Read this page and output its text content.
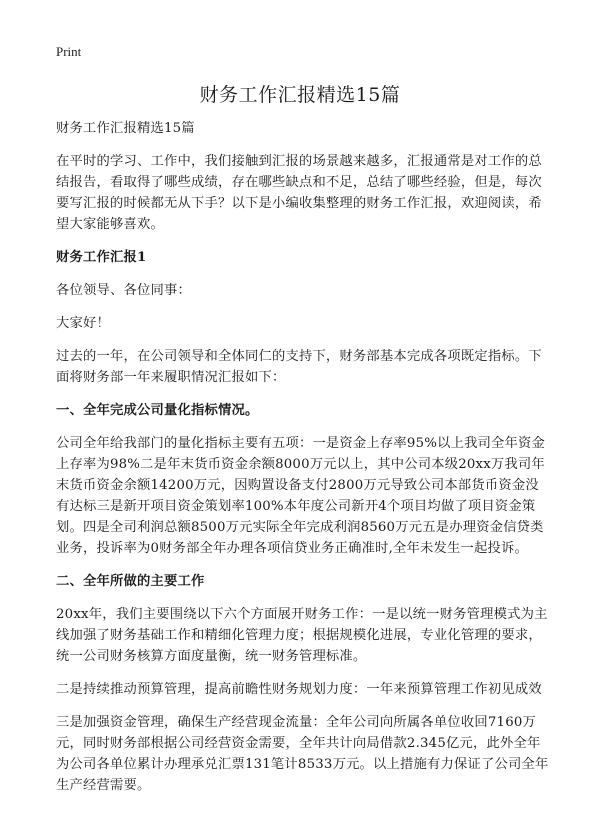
Print
财务工作汇报精选15篇

财务工作汇报精选15篇

在平时的学习、工作中，我们接触到汇报的场景越来越多，汇报通常是对工作的总结报告，看取得了哪些成绩，存在哪些缺点和不足，总结了哪些经验，但是，每次要写汇报的时候都无从下手？以下是小编收集整理的财务工作汇报，欢迎阅读，希望大家能够喜欢。

财务工作汇报1

各位领导、各位同事：

大家好！

过去的一年，在公司领导和全体同仁的支持下，财务部基本完成各项既定指标。下面将财务部一年来履职情况汇报如下：

一、全年完成公司量化指标情况。

公司全年给我部门的量化指标主要有五项：一是资金上存率95%以上我司全年资金上存率为98%二是年末货币资金余额8000万元以上，其中公司本级20xx万我司年末货币资金余额14200万元，因购置设备支付2800万元导致公司本部货币资金没有达标三是新开项目资金策划率100%本年度公司新开4个项目均做了项目资金策划。四是全司利润总额8500万元实际全年完成利润8560万元五是办理资金信贷类业务，投诉率为0财务部全年办理各项信贷业务正确准时,全年未发生一起投诉。

二、全年所做的主要工作

20xx年，我们主要围绕以下六个方面展开财务工作：一是以统一财务管理模式为主线加强了财务基础工作和精细化管理力度；根据规模化进展，专业化管理的要求，统一公司财务核算方面度量衡，统一财务管理标准。

二是持续推动预算管理，提高前瞻性财务规划力度：一年来预算管理工作初见成效

三是加强资金管理，确保生产经营现金流量：全年公司向所属各单位收回7160万元，同时财务部根据公司经营资金需要，全年共计向局借款2.345亿元，此外全年为公司各单位累计办理承兑汇票131笔计8533万元。以上措施有力保证了公司全年生产经营需要。
